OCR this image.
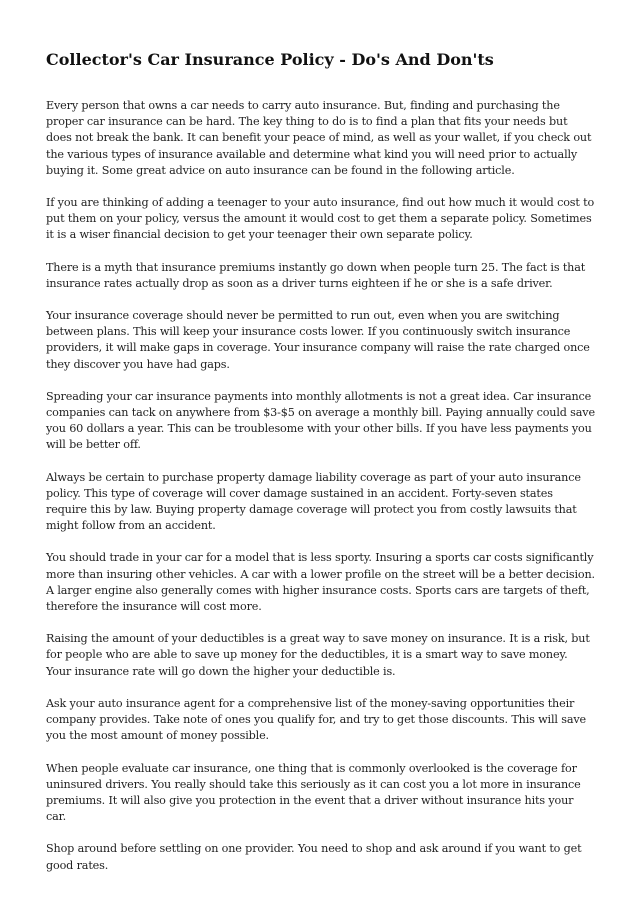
Collector's Car Insurance Policy - Do's And Don'ts

Every person that owns a car needs to carry auto insurance. But, finding and purchasing the proper car insurance can be hard. The key thing to do is to find a plan that fits your needs but does not break the bank. It can benefit your peace of mind, as well as your wallet, if you check out the various types of insurance available and determine what kind you will need prior to actually buying it. Some great advice on auto insurance can be found in the following article.

If you are thinking of adding a teenager to your auto insurance, find out how much it would cost to put them on your policy, versus the amount it would cost to get them a separate policy. Sometimes it is a wiser financial decision to get your teenager their own separate policy.

There is a myth that insurance premiums instantly go down when people turn 25. The fact is that insurance rates actually drop as soon as a driver turns eighteen if he or she is a safe driver.

Your insurance coverage should never be permitted to run out, even when you are switching between plans. This will keep your insurance costs lower. If you continuously switch insurance providers, it will make gaps in coverage. Your insurance company will raise the rate charged once they discover you have had gaps.

Spreading your car insurance payments into monthly allotments is not a great idea. Car insurance companies can tack on anywhere from $3-$5 on average a monthly bill. Paying annually could save you 60 dollars a year. This can be troublesome with your other bills. If you have less payments you will be better off.

Always be certain to purchase property damage liability coverage as part of your auto insurance policy. This type of coverage will cover damage sustained in an accident. Forty-seven states require this by law. Buying property damage coverage will protect you from costly lawsuits that might follow from an accident.

You should trade in your car for a model that is less sporty. Insuring a sports car costs significantly more than insuring other vehicles. A car with a lower profile on the street will be a better decision. A larger engine also generally comes with higher insurance costs. Sports cars are targets of theft, therefore the insurance will cost more.

Raising the amount of your deductibles is a great way to save money on insurance. It is a risk, but for people who are able to save up money for the deductibles, it is a smart way to save money. Your insurance rate will go down the higher your deductible is.

Ask your auto insurance agent for a comprehensive list of the money-saving opportunities their company provides. Take note of ones you qualify for, and try to get those discounts. This will save you the most amount of money possible.

When people evaluate car insurance, one thing that is commonly overlooked is the coverage for uninsured drivers. You really should take this seriously as it can cost you a lot more in insurance premiums. It will also give you protection in the event that a driver without insurance hits your car.

Shop around before settling on one provider. You need to shop and ask around if you want to get good rates.
